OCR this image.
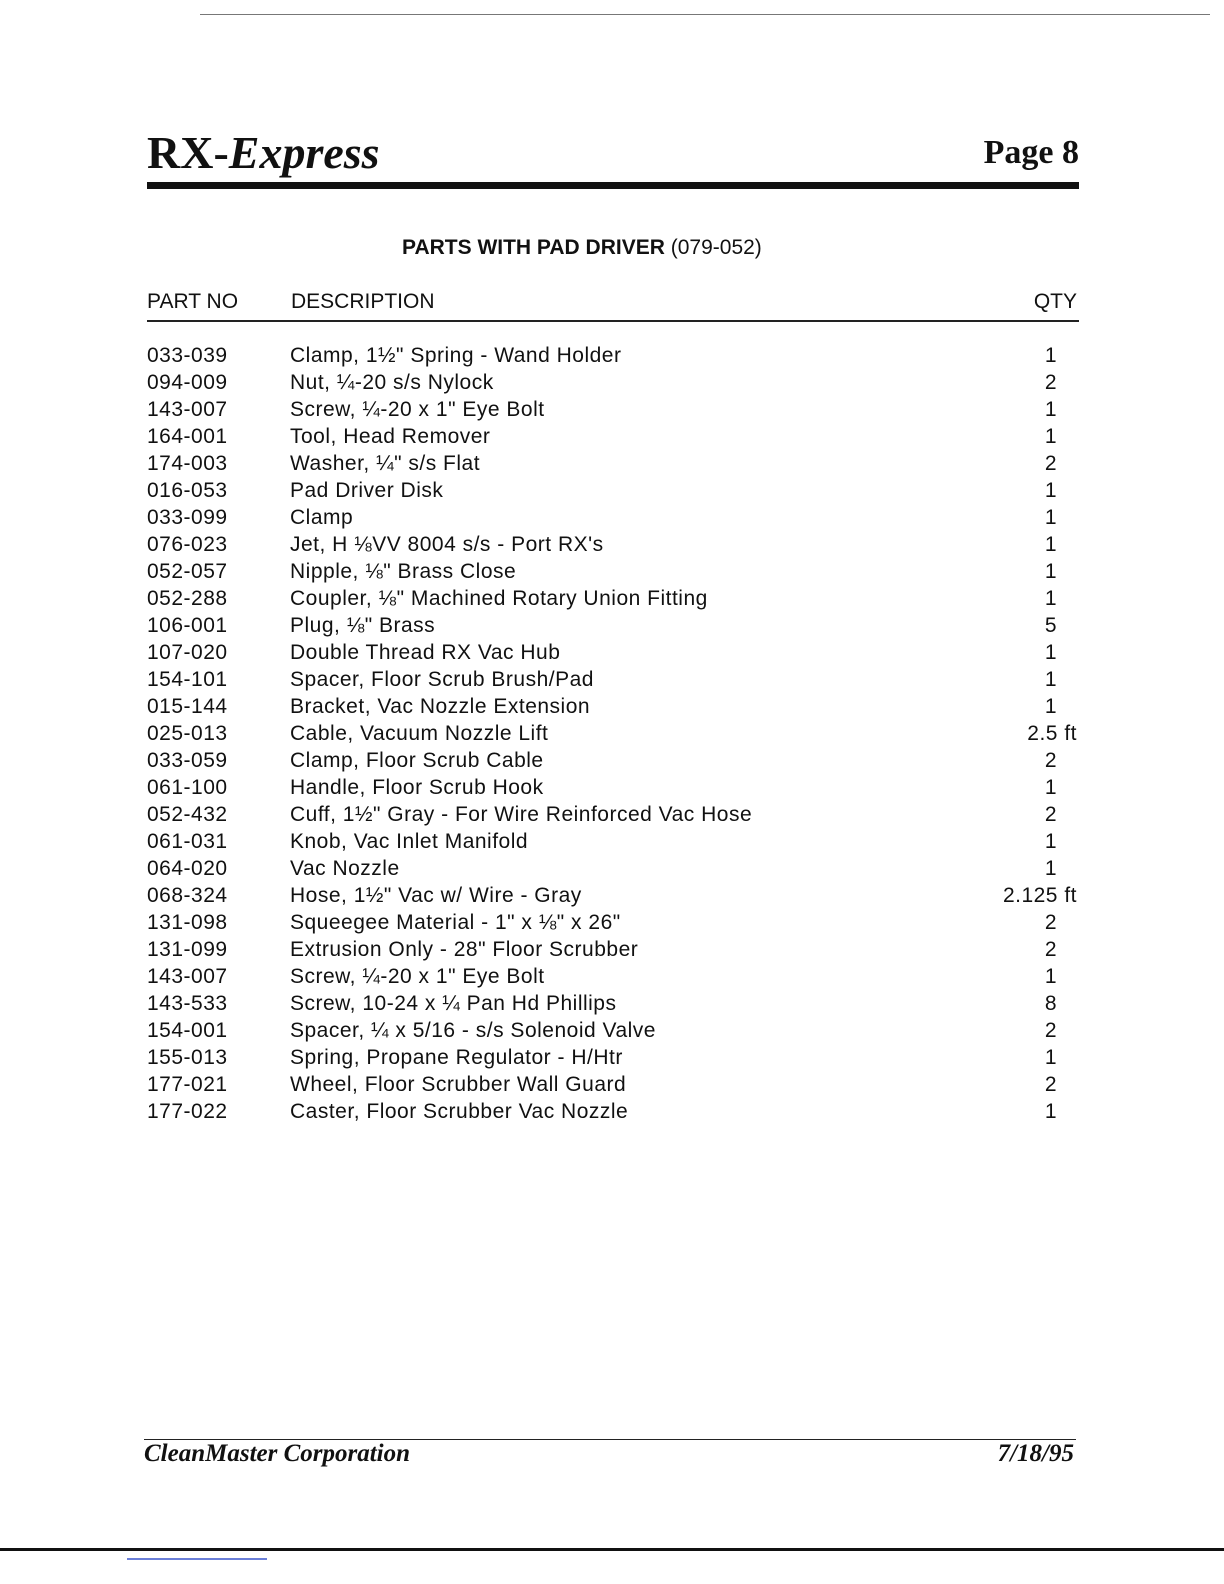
RX-Express	Page 8
PARTS WITH PAD DRIVER (079-052)
PART NO	DESCRIPTION	QTY
033-039	Clamp, 1½" Spring - Wand Holder	1
094-009	Nut, ¼-20 s/s Nylock	2
143-007	Screw, ¼-20 x 1" Eye Bolt	1
164-001	Tool, Head Remover	1
174-003	Washer, ¼" s/s Flat	2
016-053	Pad Driver Disk	1
033-099	Clamp	1
076-023	Jet, H ⅛VV 8004 s/s - Port RX's	1
052-057	Nipple, ⅛" Brass Close	1
052-288	Coupler, ⅛" Machined Rotary Union Fitting	1
106-001	Plug, ⅛" Brass	5
107-020	Double Thread RX Vac Hub	1
154-101	Spacer, Floor Scrub Brush/Pad	1
015-144	Bracket, Vac Nozzle Extension	1
025-013	Cable, Vacuum Nozzle Lift	2.5 ft
033-059	Clamp, Floor Scrub Cable	2
061-100	Handle, Floor Scrub Hook	1
052-432	Cuff, 1½" Gray - For Wire Reinforced Vac Hose	2
061-031	Knob, Vac Inlet Manifold	1
064-020	Vac Nozzle	1
068-324	Hose, 1½" Vac w/ Wire - Gray	2.125 ft
131-098	Squeegee Material - 1" x ⅛" x 26"	2
131-099	Extrusion Only - 28" Floor Scrubber	2
143-007	Screw, ¼-20 x 1" Eye Bolt	1
143-533	Screw, 10-24 x ¼ Pan Hd Phillips	8
154-001	Spacer, ¼ x 5/16 - s/s Solenoid Valve	2
155-013	Spring, Propane Regulator - H/Htr	1
177-021	Wheel, Floor Scrubber Wall Guard	2
177-022	Caster, Floor Scrubber Vac Nozzle	1
CleanMaster Corporation	7/18/95
